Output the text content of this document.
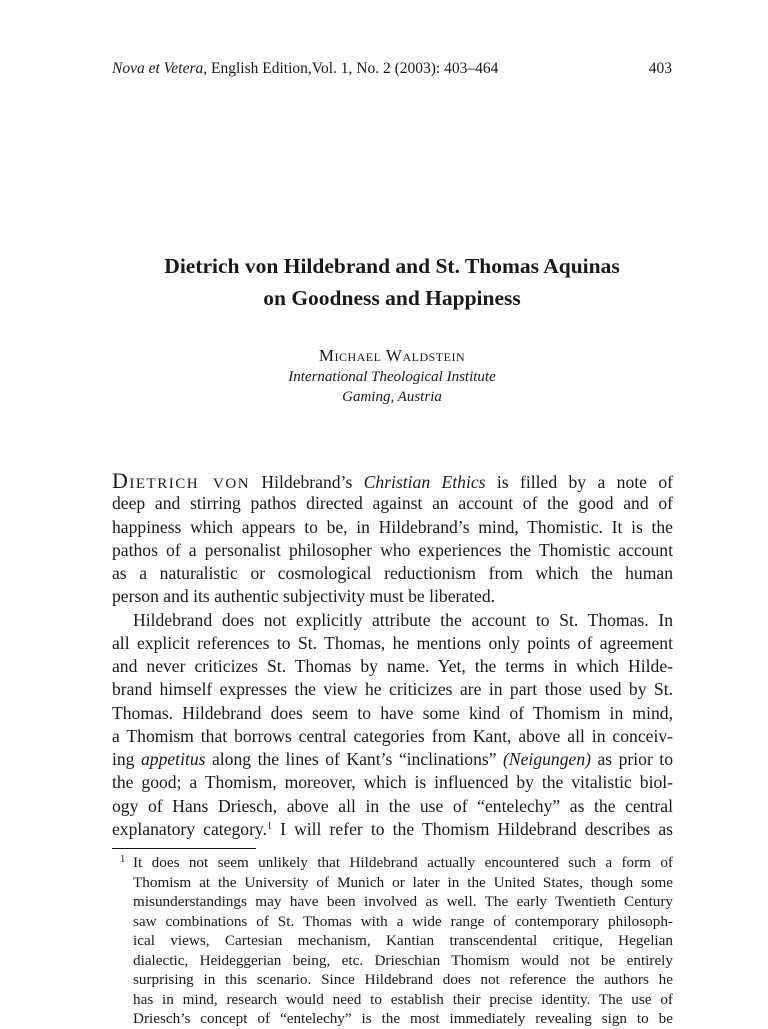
Nova et Vetera, English Edition,Vol. 1, No. 2 (2003): 403–464	403
Dietrich von Hildebrand and St. Thomas Aquinas
on Goodness and Happiness
Michael Waldstein
International Theological Institute
Gaming, Austria
Dietrich von Hildebrand’s Christian Ethics is filled by a note of
deep and stirring pathos directed against an account of the good and of
happiness which appears to be, in Hildebrand’s mind, Thomistic. It is the
pathos of a personalist philosopher who experiences the Thomistic account
as a naturalistic or cosmological reductionism from which the human
person and its authentic subjectivity must be liberated.
Hildebrand does not explicitly attribute the account to St. Thomas. In
all explicit references to St. Thomas, he mentions only points of agreement
and never criticizes St. Thomas by name. Yet, the terms in which Hilde-
brand himself expresses the view he criticizes are in part those used by St.
Thomas. Hildebrand does seem to have some kind of Thomism in mind,
a Thomism that borrows central categories from Kant, above all in conceiv-
ing appetitus along the lines of Kant’s “inclinations” (Neigungen) as prior to
the good; a Thomism, moreover, which is influenced by the vitalistic biol-
ogy of Hans Driesch, above all in the use of “entelechy” as the central
explanatory category.$^1$ I will refer to the Thomism Hildebrand describes as
1 It does not seem unlikely that Hildebrand actually encountered such a form of
Thomism at the University of Munich or later in the United States, though some
misunderstandings may have been involved as well. The early Twentieth Century
saw combinations of St. Thomas with a wide range of contemporary philosoph-
ical views, Cartesian mechanism, Kantian transcendental critique, Hegelian
dialectic, Heideggerian being, etc. Drieschian Thomism would not be entirely
surprising in this scenario. Since Hildebrand does not reference the authors he
has in mind, research would need to establish their precise identity. The use of
Driesch’s concept of “entelechy” is the most immediately revealing sign to be
